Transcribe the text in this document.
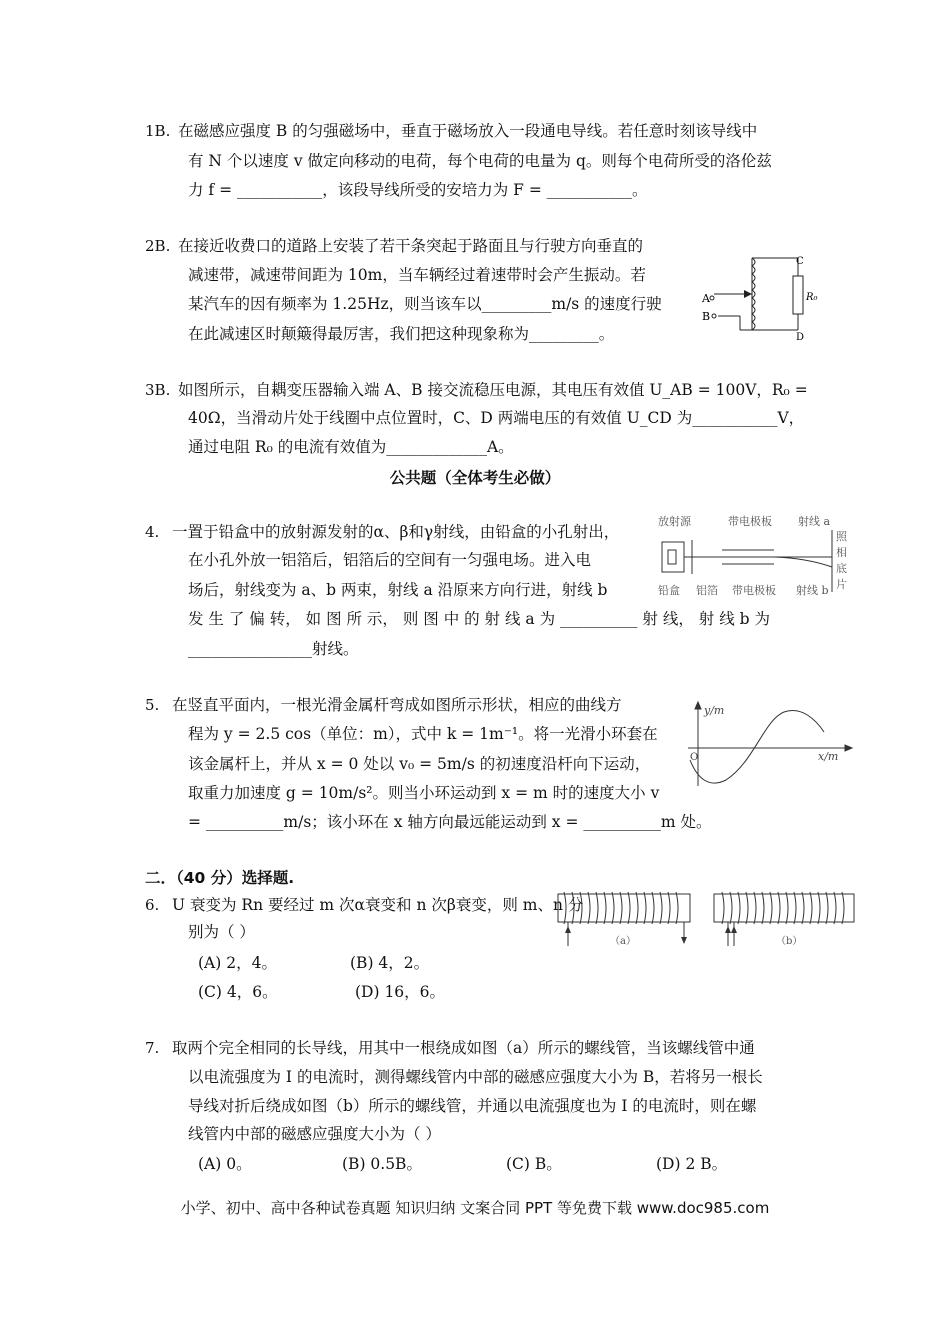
1B. 在磁感应强度 B 的匀强磁场中，垂直于磁场放入一段通电导线。若任意时刻该导线中
有 N 个以速度 v 做定向移动的电荷，每个电荷的电量为 q。则每个电荷所受的洛伦兹
力 f = ___________，该段导线所受的安培力为 F = ___________。
2B. 在接近收费口的道路上安装了若干条突起于路面且与行驶方向垂直的
减速带，减速带间距为 10m，当车辆经过着速带时会产生振动。若
某汽车的因有频率为 1.25Hz，则当该车以_________m/s 的速度行驶
在此减速区时颠簸得最厉害，我们把这种现象称为_________。
A
B
C
D
R₀
3B. 如图所示，自耦变压器输入端 A、B 接交流稳压电源，其电压有效值 U_AB = 100V，R₀ =
40Ω，当滑动片处于线圈中点位置时，C、D 两端电压的有效值 U_CD 为___________V，
通过电阻 R₀ 的电流有效值为_____________A。
公共题（全体考生必做）
4. 一置于铅盒中的放射源发射的α、β和γ射线，由铅盒的小孔射出，
在小孔外放一铝箔后，铝箔后的空间有一匀强电场。进入电
场后，射线变为 a、b 两束，射线 a 沿原来方向行进，射线 b
发 生 了 偏 转， 如 图 所 示， 则 图 中 的 射 线 a 为 __________ 射 线， 射 线 b 为
________________射线。
放射源	带电极板 射线 a
照
相
底
片
铅盒 铝箔 带电极板 射线 b
5. 在竖直平面内，一根光滑金属杆弯成如图所示形状，相应的曲线方
程为 y = 2.5 cos（单位：m），式中 k = 1m⁻¹。将一光滑小环套在
该金属杆上，并从 x = 0 处以 v₀ = 5m/s 的初速度沿杆向下运动，
取重力加速度 g = 10m/s²。则当小环运动到 x = m 时的速度大小 v
= __________m/s；该小环在 x 轴方向最远能运动到 x = __________m 处。
y/m
x/m
O
二．（40 分）选择题.
6. U 衰变为 Rn 要经过 m 次α衰变和 n 次β衰变，则 m、n 分
别为（ ）
(A) 2，4。	(B) 4，2。
(C) 4，6。	(D) 16，6。
（a）	（b）
7. 取两个完全相同的长导线，用其中一根绕成如图（a）所示的螺线管，当该螺线管中通
以电流强度为 I 的电流时，测得螺线管内中部的磁感应强度大小为 B，若将另一根长
导线对折后绕成如图（b）所示的螺线管，并通以电流强度也为 I 的电流时，则在螺
线管内中部的磁感应强度大小为（ ）
(A) 0。	(B) 0.5B。	(C) B。	(D) 2 B。
小学、初中、高中各种试卷真题 知识归纳 文案合同 PPT 等免费下载 www.doc985.com
